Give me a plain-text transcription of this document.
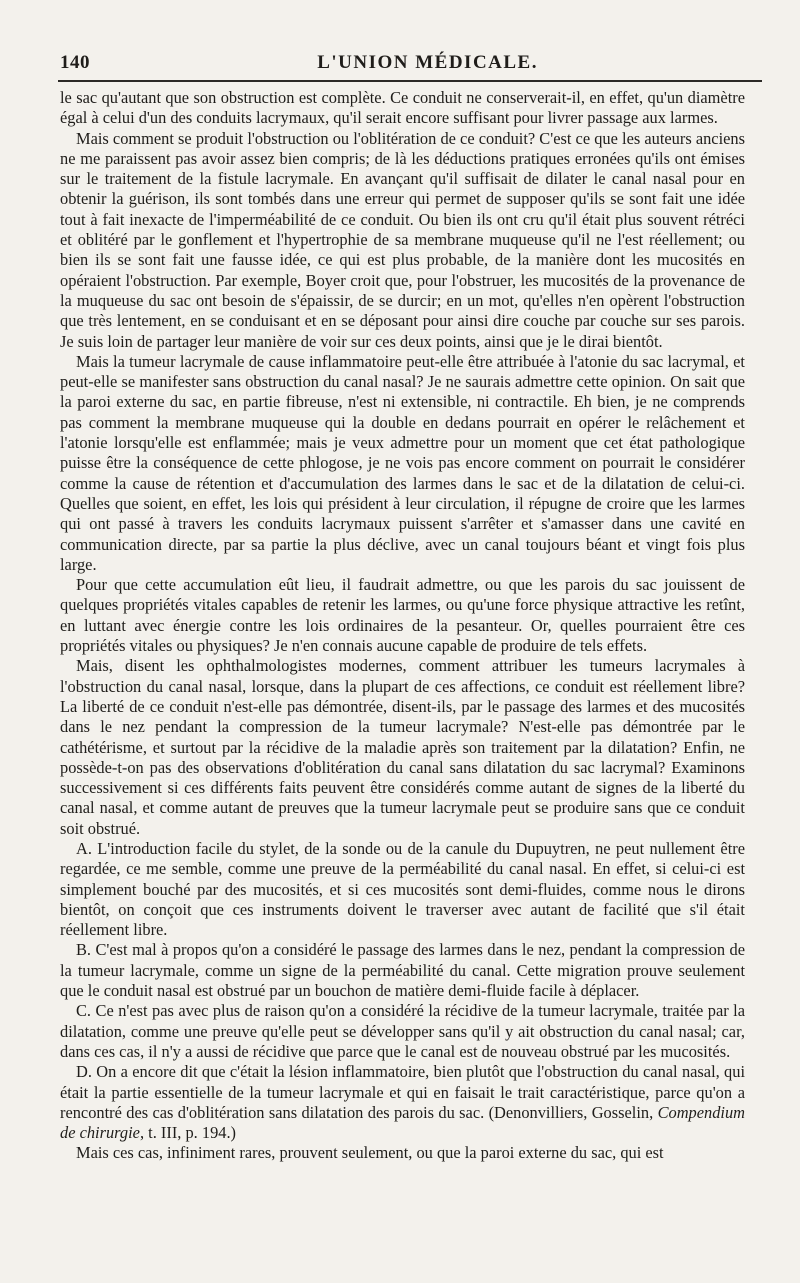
140	L'UNION MÉDICALE.

le sac qu'autant que son obstruction est complète. Ce conduit ne conserverait-il, en effet, qu'un diamètre égal à celui d'un des conduits lacrymaux, qu'il serait encore suffisant pour livrer passage aux larmes.

Mais comment se produit l'obstruction ou l'oblitération de ce conduit? C'est ce que les auteurs anciens ne me paraissent pas avoir assez bien compris; de là les déductions pratiques erronées qu'ils ont émises sur le traitement de la fistule lacrymale. En avançant qu'il suffisait de dilater le canal nasal pour en obtenir la guérison, ils sont tombés dans une erreur qui permet de supposer qu'ils se sont fait une idée tout à fait inexacte de l'imperméabilité de ce conduit. Ou bien ils ont cru qu'il était plus souvent rétréci et oblitéré par le gonflement et l'hypertrophie de sa membrane muqueuse qu'il ne l'est réellement; ou bien ils se sont fait une fausse idée, ce qui est plus probable, de la manière dont les mucosités en opéraient l'obstruction. Par exemple, Boyer croit que, pour l'obstruer, les mucosités de la provenance de la muqueuse du sac ont besoin de s'épaissir, de se durcir; en un mot, qu'elles n'en opèrent l'obstruction que très lentement, en se conduisant et en se déposant pour ainsi dire couche par couche sur ses parois. Je suis loin de partager leur manière de voir sur ces deux points, ainsi que je le dirai bientôt.

Mais la tumeur lacrymale de cause inflammatoire peut-elle être attribuée à l'atonie du sac lacrymal, et peut-elle se manifester sans obstruction du canal nasal? Je ne saurais admettre cette opinion. On sait que la paroi externe du sac, en partie fibreuse, n'est ni extensible, ni contractile. Eh bien, je ne comprends pas comment la membrane muqueuse qui la double en dedans pourrait en opérer le relâchement et l'atonie lorsqu'elle est enflammée; mais je veux admettre pour un moment que cet état pathologique puisse être la conséquence de cette phlogose, je ne vois pas encore comment on pourrait le considérer comme la cause de rétention et d'accumulation des larmes dans le sac et de la dilatation de celui-ci. Quelles que soient, en effet, les lois qui président à leur circulation, il répugne de croire que les larmes qui ont passé à travers les conduits lacrymaux puissent s'arrêter et s'amasser dans une cavité en communication directe, par sa partie la plus déclive, avec un canal toujours béant et vingt fois plus large.

Pour que cette accumulation eût lieu, il faudrait admettre, ou que les parois du sac jouissent de quelques propriétés vitales capables de retenir les larmes, ou qu'une force physique attractive les retînt, en luttant avec énergie contre les lois ordinaires de la pesanteur. Or, quelles pourraient être ces propriétés vitales ou physiques? Je n'en connais aucune capable de produire de tels effets.

Mais, disent les ophthalmologistes modernes, comment attribuer les tumeurs lacrymales à l'obstruction du canal nasal, lorsque, dans la plupart de ces affections, ce conduit est réellement libre? La liberté de ce conduit n'est-elle pas démontrée, disent-ils, par le passage des larmes et des mucosités dans le nez pendant la compression de la tumeur lacrymale? N'est-elle pas démontrée par le cathétérisme, et surtout par la récidive de la maladie après son traitement par la dilatation? Enfin, ne possède-t-on pas des observations d'oblitération du canal sans dilatation du sac lacrymal? Examinons successivement si ces différents faits peuvent être considérés comme autant de signes de la liberté du canal nasal, et comme autant de preuves que la tumeur lacrymale peut se produire sans que ce conduit soit obstrué.

A. L'introduction facile du stylet, de la sonde ou de la canule du Dupuytren, ne peut nullement être regardée, ce me semble, comme une preuve de la perméabilité du canal nasal. En effet, si celui-ci est simplement bouché par des mucosités, et si ces mucosités sont demi-fluides, comme nous le dirons bientôt, on conçoit que ces instruments doivent le traverser avec autant de facilité que s'il était réellement libre.

B. C'est mal à propos qu'on a considéré le passage des larmes dans le nez, pendant la compression de la tumeur lacrymale, comme un signe de la perméabilité du canal. Cette migration prouve seulement que le conduit nasal est obstrué par un bouchon de matière demi-fluide facile à déplacer.

C. Ce n'est pas avec plus de raison qu'on a considéré la récidive de la tumeur lacrymale, traitée par la dilatation, comme une preuve qu'elle peut se développer sans qu'il y ait obstruction du canal nasal; car, dans ces cas, il n'y a aussi de récidive que parce que le canal est de nouveau obstrué par les mucosités.

D. On a encore dit que c'était la lésion inflammatoire, bien plutôt que l'obstruction du canal nasal, qui était la partie essentielle de la tumeur lacrymale et qui en faisait le trait caractéristique, parce qu'on a rencontré des cas d'oblitération sans dilatation des parois du sac. (Denonvilliers, Gosselin, Compendium de chirurgie, t. III, p. 194.)

Mais ces cas, infiniment rares, prouvent seulement, ou que la paroi externe du sac, qui est
